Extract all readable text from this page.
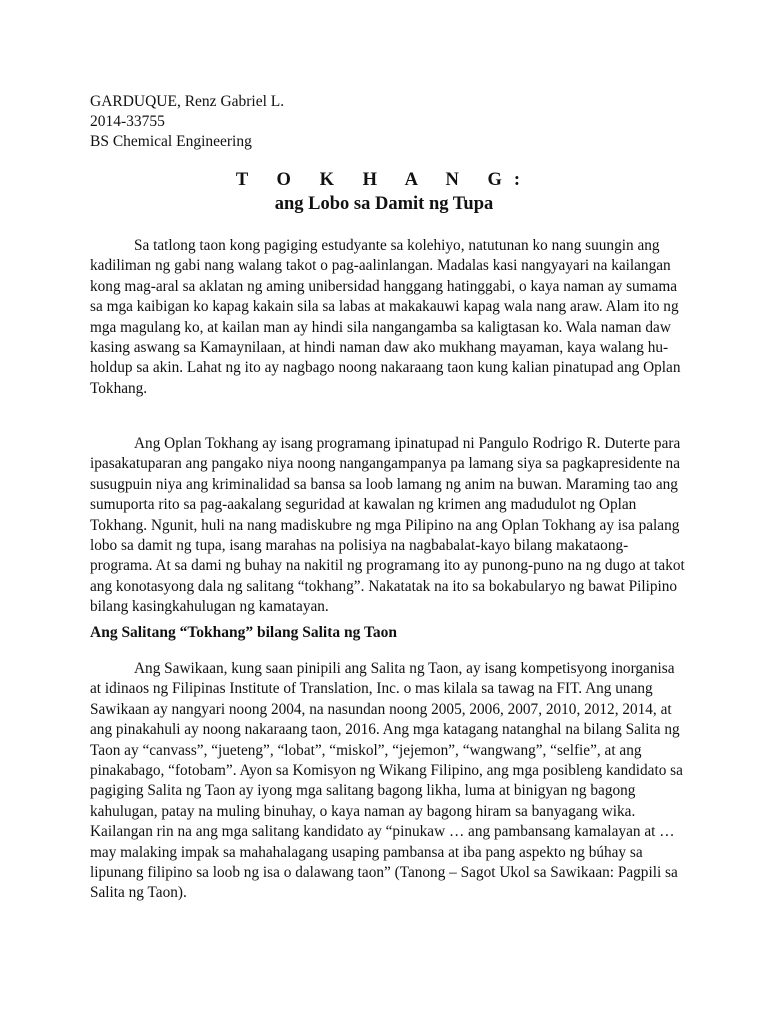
GARDUQUE, Renz Gabriel L.
2014-33755
BS Chemical Engineering
T O K H A N G:
ang Lobo sa Damit ng Tupa
Sa tatlong taon kong pagiging estudyante sa kolehiyo, natutunan ko nang suungin ang
kadiliman ng gabi nang walang takot o pag-aalinlangan. Madalas kasi nangyayari na kailangan
kong mag-aral sa aklatan ng aming unibersidad hanggang hatinggabi, o kaya naman ay sumama
sa mga kaibigan ko kapag kakain sila sa labas at makakauwi kapag wala nang araw. Alam ito ng
mga magulang ko, at kailan man ay hindi sila nangangamba sa kaligtasan ko. Wala naman daw
kasing aswang sa Kamaynilaan, at hindi naman daw ako mukhang mayaman, kaya walang hu-
holdup sa akin. Lahat ng ito ay nagbago noong nakaraang taon kung kalian pinatupad ang Oplan
Tokhang.
Ang Oplan Tokhang ay isang programang ipinatupad ni Pangulo Rodrigo R. Duterte para
ipasakatuparan ang pangako niya noong nangangampanya pa lamang siya sa pagkapresidente na
susugpuin niya ang kriminalidad sa bansa sa loob lamang ng anim na buwan. Maraming tao ang
sumuporta rito sa pag-aakalang seguridad at kawalan ng krimen ang madudulot ng Oplan
Tokhang. Ngunit, huli na nang madiskubre ng mga Pilipino na ang Oplan Tokhang ay isa palang
lobo sa damit ng tupa, isang marahas na polisiya na nagbabalat-kayo bilang makataong-
programa. At sa dami ng buhay na nakitil ng programang ito ay punong-puno na ng dugo at takot
ang konotasyong dala ng salitang “tokhang”. Nakatatak na ito sa bokabularyo ng bawat Pilipino
bilang kasingkahulugan ng kamatayan.
Ang Salitang “Tokhang” bilang Salita ng Taon
Ang Sawikaan, kung saan pinipili ang Salita ng Taon, ay isang kompetisyong inorganisa
at idinaos ng Filipinas Institute of Translation, Inc. o mas kilala sa tawag na FIT. Ang unang
Sawikaan ay nangyari noong 2004, na nasundan noong 2005, 2006, 2007, 2010, 2012, 2014, at
ang pinakahuli ay noong nakaraang taon, 2016. Ang mga katagang natanghal na bilang Salita ng
Taon ay “canvass”, “jueteng”, “lobat”, “miskol”, “jejemon”, “wangwang”, “selfie”, at ang
pinakabago, “fotobam”. Ayon sa Komisyon ng Wikang Filipino, ang mga posibleng kandidato sa
pagiging Salita ng Taon ay iyong mga salitang bagong likha, luma at binigyan ng bagong
kahulugan, patay na muling binuhay, o kaya naman ay bagong hiram sa banyagang wika.
Kailangan rin na ang mga salitang kandidato ay “pinukaw … ang pambansang kamalayan at …
may malaking impak sa mahahalagang usaping pambansa at iba pang aspekto ng búhay sa
lipunang filipino sa loob ng isa o dalawang taon” (Tanong – Sagot Ukol sa Sawikaan: Pagpili sa
Salita ng Taon).
